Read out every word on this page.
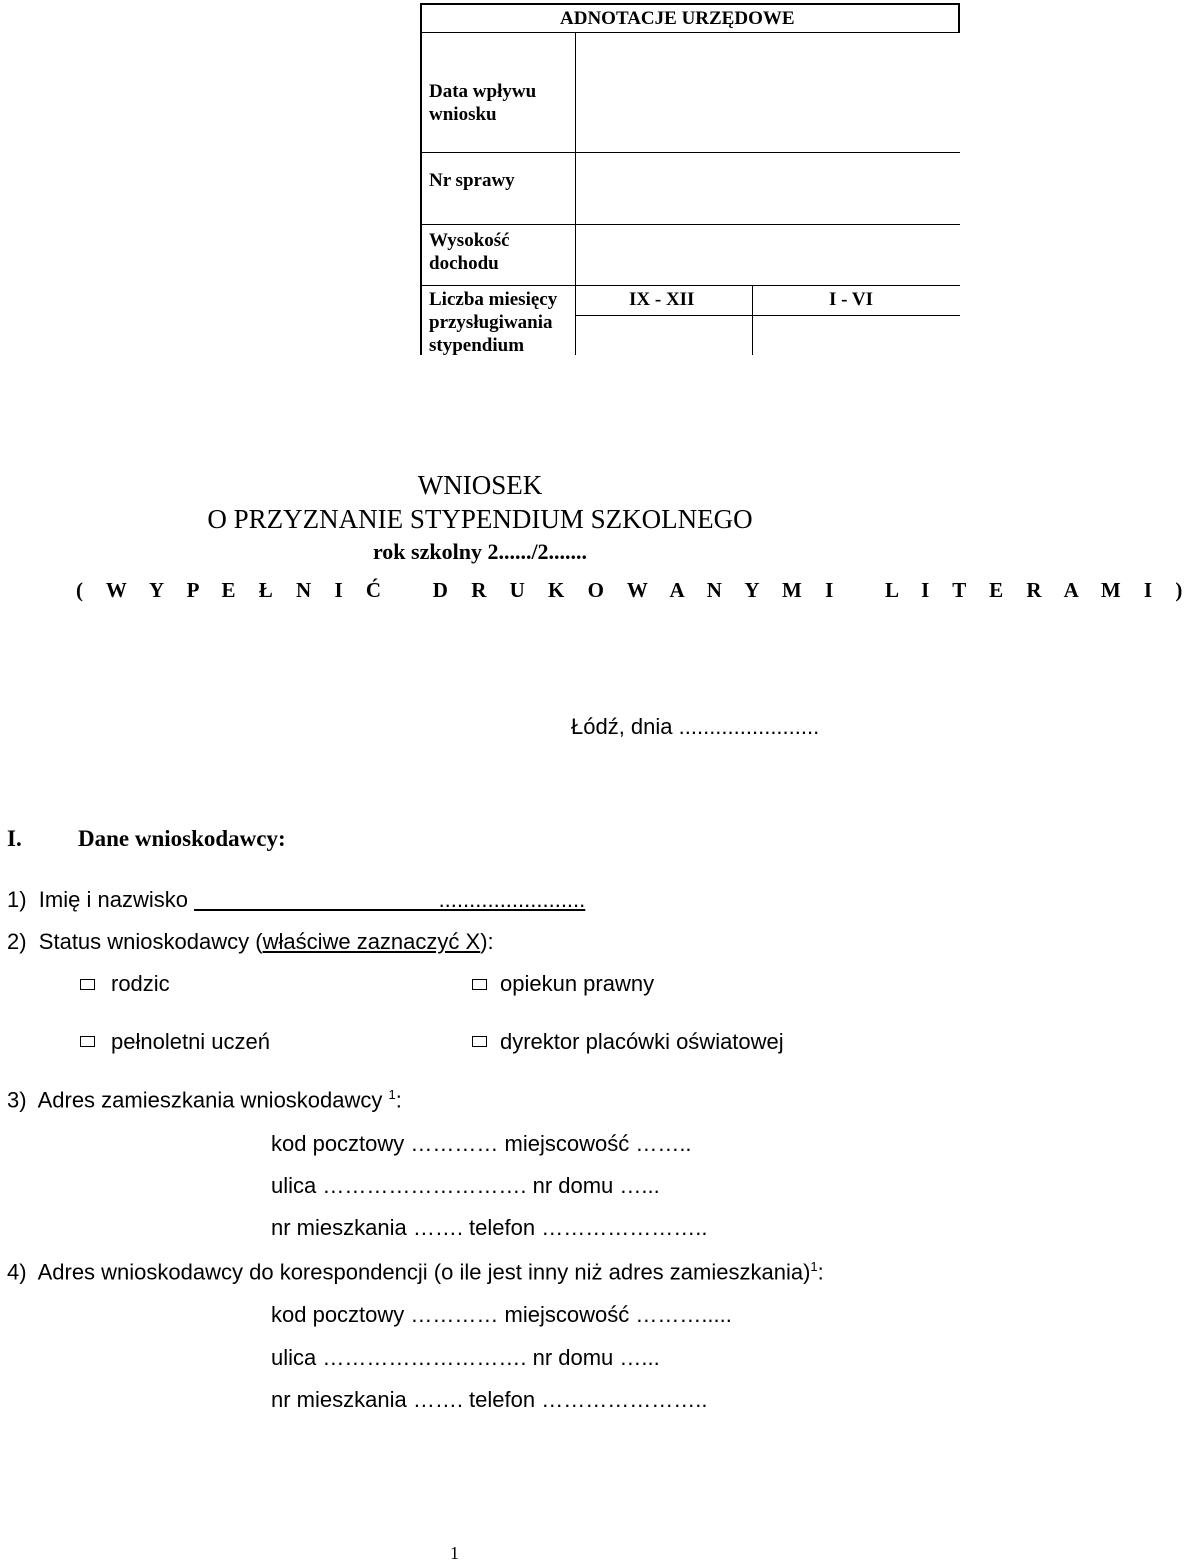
ADNOTACJE URZĘDOWE
Data wpływu
wniosku
Nr sprawy
Wysokość
dochodu
Liczba miesięcy
przysługiwania
stypendium
IX - XII	I - VI
WNIOSEK
O PRZYZNANIE STYPENDIUM SZKOLNEGO
rok szkolny 2....../2.......
( W Y P E Ł N I Ć   D R U K O W A N Y M I   L I T E R A M I )
Łódź, dnia .......................
I. Dane wnioskodawcy:
1) Imię i nazwisko                                         ........................
2) Status wnioskodawcy (właściwe zaznaczyć X):
rodzic	opiekun prawny
pełnoletni uczeń	dyrektor placówki oświatowej
3) Adres zamieszkania wnioskodawcy $^1$:
kod pocztowy ………… miejscowość ……..
ulica ………………………. nr domu …...
nr mieszkania ……. telefon …………………..
4) Adres wnioskodawcy do korespondencji (o ile jest inny niż adres zamieszkania)$^1$:
kod pocztowy ………… miejscowość ……….....
ulica ………………………. nr domu …...
nr mieszkania ……. telefon …………………..
1
